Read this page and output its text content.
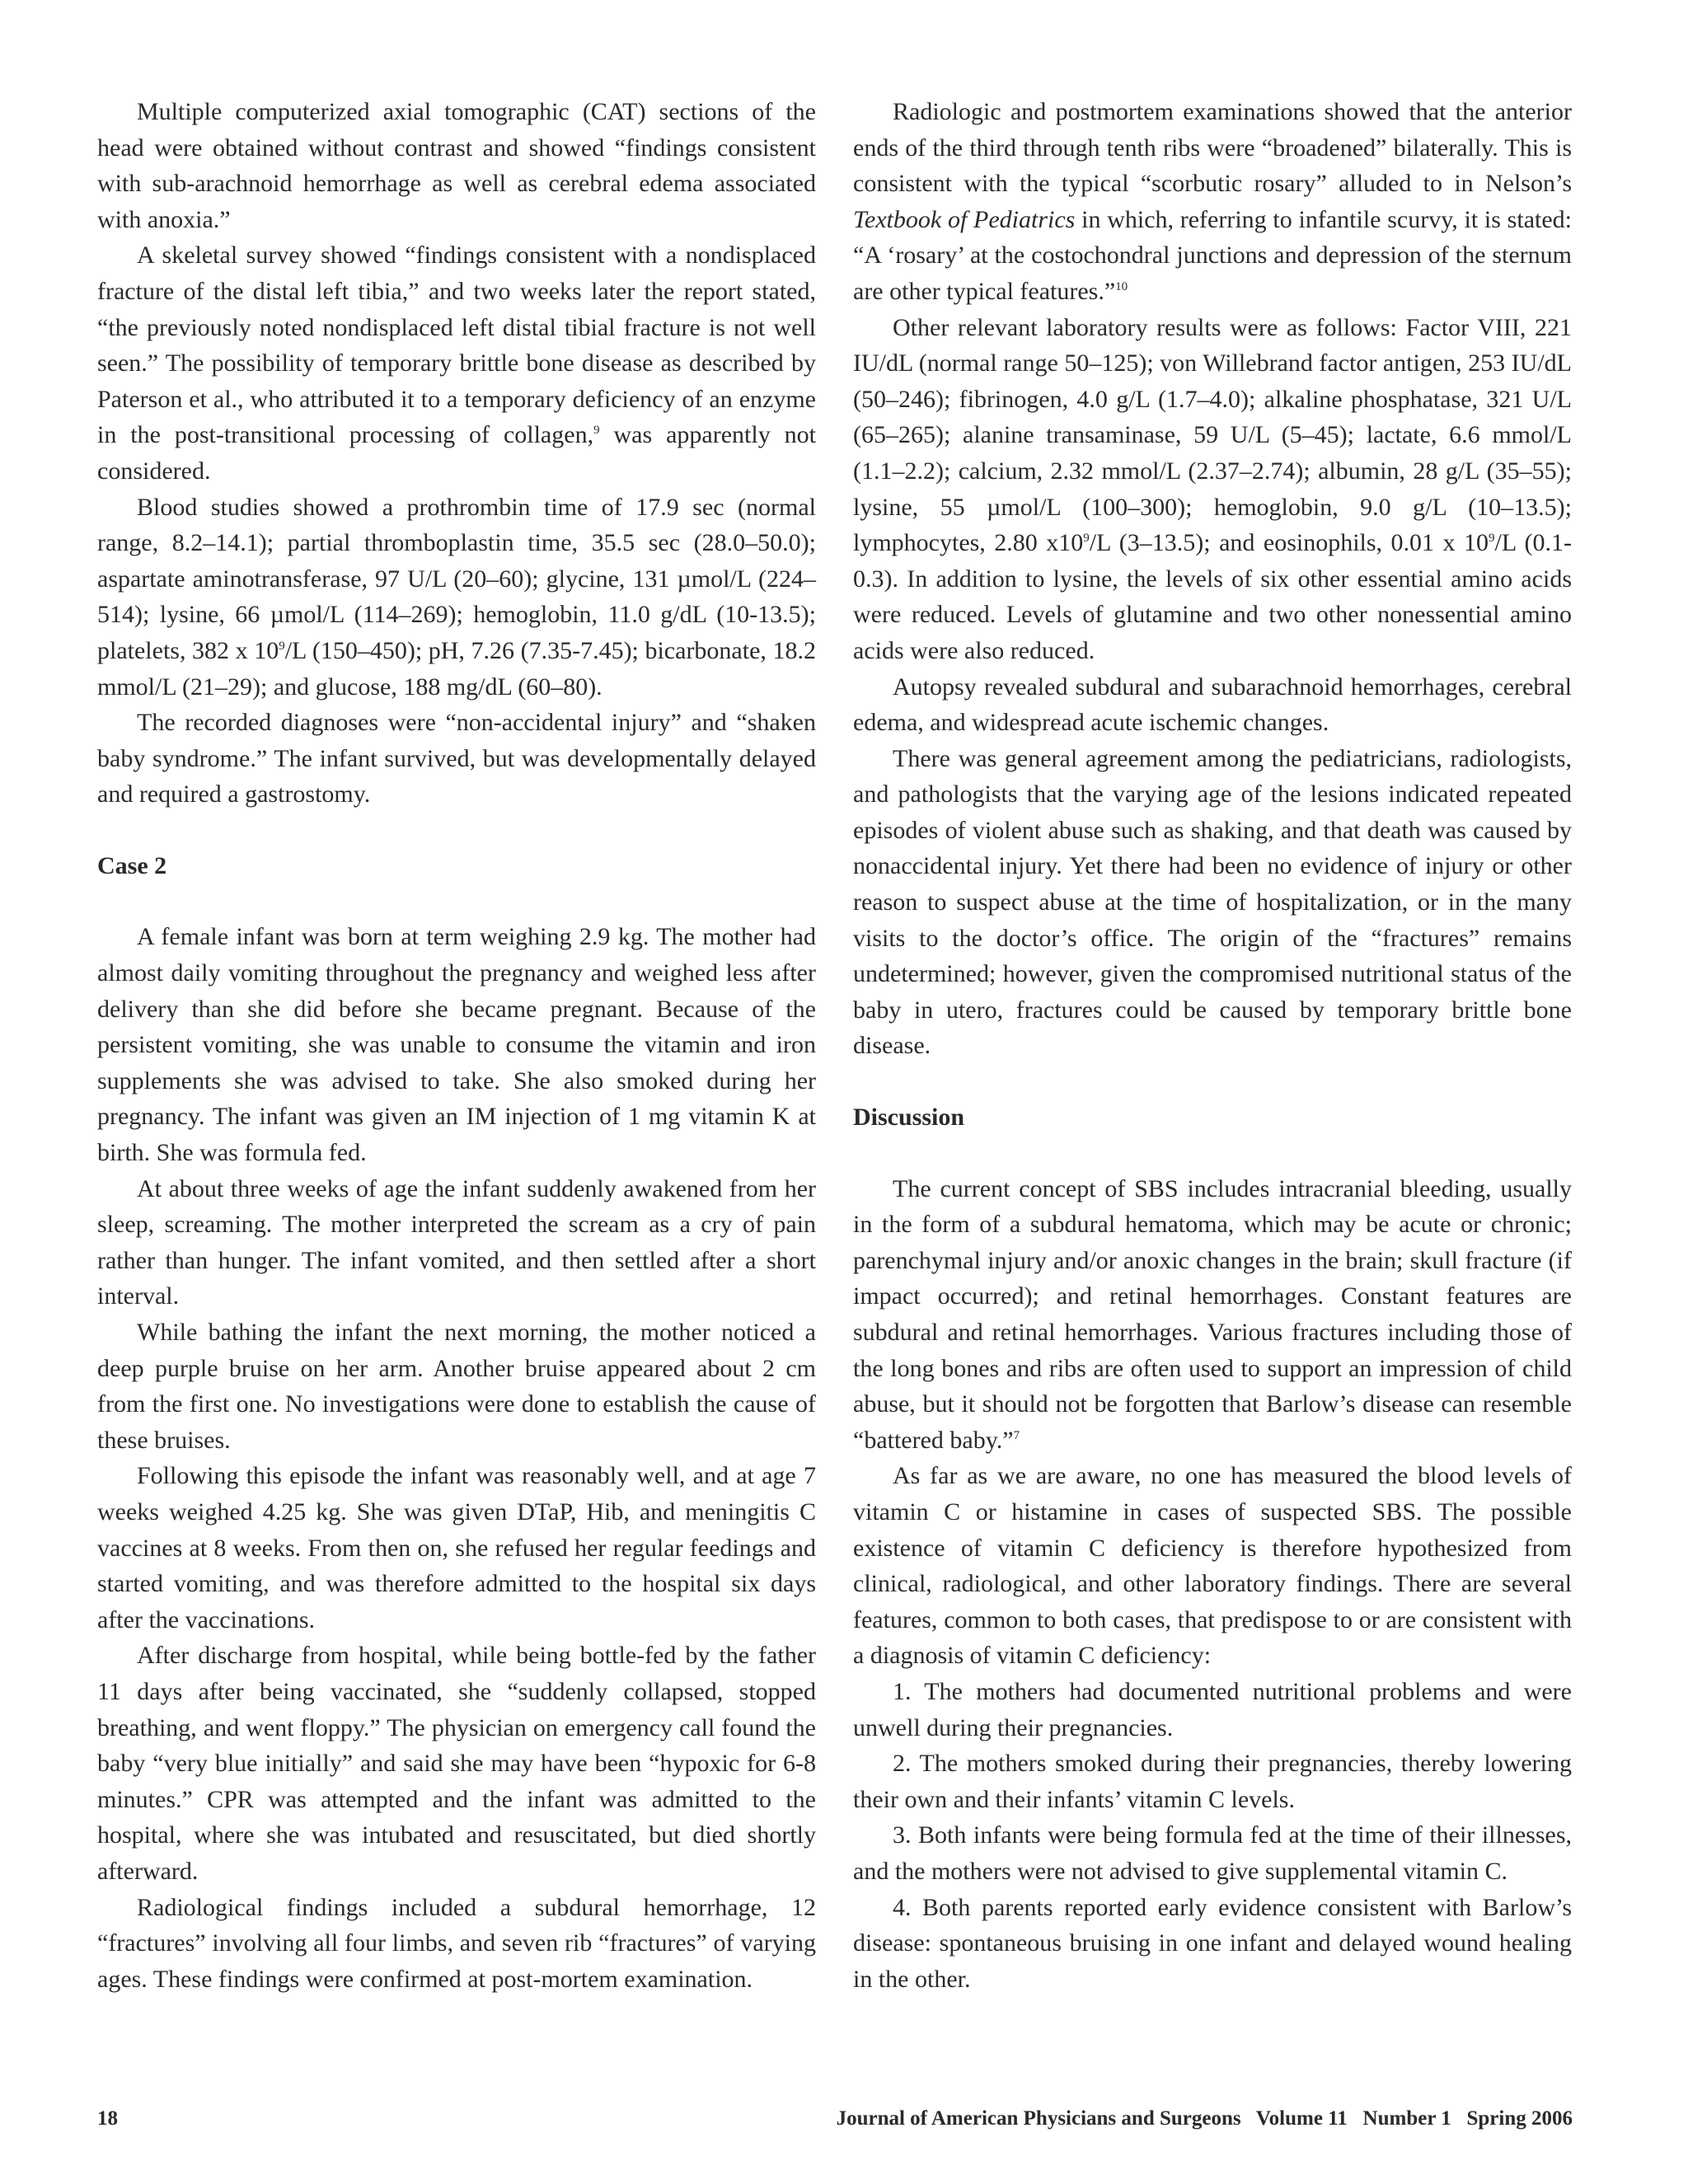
Multiple computerized axial tomographic (CAT) sections of the head were obtained without contrast and showed “findings consistent with sub-arachnoid hemorrhage as well as cerebral edema associated with anoxia.”

A skeletal survey showed “findings consistent with a nondisplaced fracture of the distal left tibia,” and two weeks later the report stated, “the previously noted nondisplaced left distal tibial fracture is not well seen.” The possibility of temporary brittle bone disease as described by Paterson et al., who attributed it to a temporary deficiency of an enzyme in the post-transitional processing of collagen,$^9$ was apparently not considered.

Blood studies showed a prothrombin time of 17.9 sec (normal range, 8.2–14.1); partial thromboplastin time, 35.5 sec (28.0–50.0); aspartate aminotransferase, 97 U/L (20–60); glycine, 131 µmol/L (224–514); lysine, 66 µmol/L (114–269); hemoglobin, 11.0 g/dL (10-13.5); platelets, 382 x $10^9/L$ (150–450); pH, 7.26 (7.35-7.45); bicarbonate, 18.2 mmol/L (21–29); and glucose, 188 mg/dL (60–80).

The recorded diagnoses were “non-accidental injury” and “shaken baby syndrome.” The infant survived, but was developmentally delayed and required a gastrostomy.

Case 2

A female infant was born at term weighing 2.9 kg. The mother had almost daily vomiting throughout the pregnancy and weighed less after delivery than she did before she became pregnant. Because of the persistent vomiting, she was unable to consume the vitamin and iron supplements she was advised to take. She also smoked during her pregnancy. The infant was given an IM injection of 1 mg vitamin K at birth. She was formula fed.

At about three weeks of age the infant suddenly awakened from her sleep, screaming. The mother interpreted the scream as a cry of pain rather than hunger. The infant vomited, and then settled after a short interval.

While bathing the infant the next morning, the mother noticed a deep purple bruise on her arm. Another bruise appeared about 2 cm from the first one. No investigations were done to establish the cause of these bruises.

Following this episode the infant was reasonably well, and at age 7 weeks weighed 4.25 kg. She was given DTaP, Hib, and meningitis C vaccines at 8 weeks. From then on, she refused her regular feedings and started vomiting, and was therefore admitted to the hospital six days after the vaccinations.

After discharge from hospital, while being bottle-fed by the father 11 days after being vaccinated, she “suddenly collapsed, stopped breathing, and went floppy.” The physician on emergency call found the baby “very blue initially” and said she may have been “hypoxic for 6-8 minutes.” CPR was attempted and the infant was admitted to the hospital, where she was intubated and resuscitated, but died shortly afterward.

Radiological findings included a subdural hemorrhage, 12 “fractures” involving all four limbs, and seven rib “fractures” of varying ages. These findings were confirmed at post-mortem examination.

Radiologic and postmortem examinations showed that the anterior ends of the third through tenth ribs were “broadened” bilaterally. This is consistent with the typical “scorbutic rosary” alluded to in Nelson’s Textbook of Pediatrics in which, referring to infantile scurvy, it is stated: “A ‘rosary’ at the costochondral junctions and depression of the sternum are other typical features.”$^{10}$

Other relevant laboratory results were as follows: Factor VIII, 221 IU/dL (normal range 50–125); von Willebrand factor antigen, 253 IU/dL (50–246); fibrinogen, 4.0 g/L (1.7–4.0); alkaline phosphatase, 321 U/L (65–265); alanine transaminase, 59 U/L (5–45); lactate, 6.6 mmol/L (1.1–2.2); calcium, 2.32 mmol/L (2.37–2.74); albumin, 28 g/L (35–55); lysine, 55 µmol/L (100–300); hemoglobin, 9.0 g/L (10–13.5); lymphocytes, 2.80 $x10^9/L$ (3–13.5); and eosinophils, 0.01 x $10^9/L$ (0.1-0.3). In addition to lysine, the levels of six other essential amino acids were reduced. Levels of glutamine and two other nonessential amino acids were also reduced.

Autopsy revealed subdural and subarachnoid hemorrhages, cerebral edema, and widespread acute ischemic changes.

There was general agreement among the pediatricians, radiologists, and pathologists that the varying age of the lesions indicated repeated episodes of violent abuse such as shaking, and that death was caused by nonaccidental injury. Yet there had been no evidence of injury or other reason to suspect abuse at the time of hospitalization, or in the many visits to the doctor’s office. The origin of the “fractures” remains undetermined; however, given the compromised nutritional status of the baby in utero, fractures could be caused by temporary brittle bone disease.

Discussion

The current concept of SBS includes intracranial bleeding, usually in the form of a subdural hematoma, which may be acute or chronic; parenchymal injury and/or anoxic changes in the brain; skull fracture (if impact occurred); and retinal hemorrhages. Constant features are subdural and retinal hemorrhages. Various fractures including those of the long bones and ribs are often used to support an impression of child abuse, but it should not be forgotten that Barlow’s disease can resemble “battered baby.”$^7$

As far as we are aware, no one has measured the blood levels of vitamin C or histamine in cases of suspected SBS. The possible existence of vitamin C deficiency is therefore hypothesized from clinical, radiological, and other laboratory findings. There are several features, common to both cases, that predispose to or are consistent with a diagnosis of vitamin C deficiency:

1. The mothers had documented nutritional problems and were unwell during their pregnancies.

2. The mothers smoked during their pregnancies, thereby lowering their own and their infants’ vitamin C levels.

3. Both infants were being formula fed at the time of their illnesses, and the mothers were not advised to give supplemental vitamin C.

4. Both parents reported early evidence consistent with Barlow’s disease: spontaneous bruising in one infant and delayed wound healing in the other.

18	Journal of American Physicians and Surgeons   Volume 11   Number 1   Spring 2006
